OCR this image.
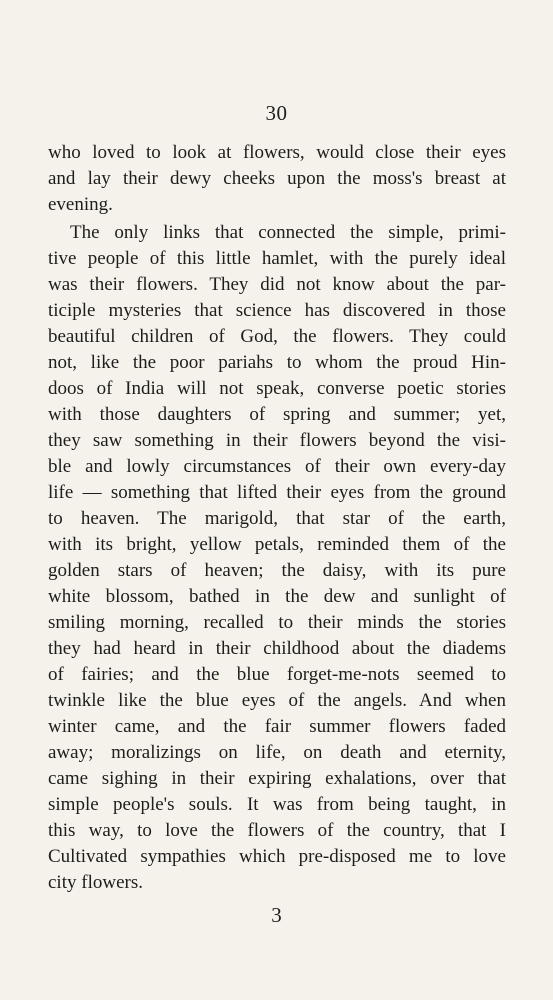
30

who loved to look at flowers, would close their eyes

and lay their dewy cheeks upon the moss's breast at

evening.

The only links that connected the simple, primi-

tive people of this little hamlet, with the purely ideal

was their flowers. They did not know about the par-

ticiple mysteries that science has discovered in those

beautiful children of God, the flowers. They could

not, like the poor pariahs to whom the proud Hin-

doos of India will not speak, converse poetic stories

with those daughters of spring and summer; yet,

they saw something in their flowers beyond the visi-

ble and lowly circumstances of their own every-day

life — something that lifted their eyes from the ground

to heaven. The marigold, that star of the earth,

with its bright, yellow petals, reminded them of the

golden stars of heaven; the daisy, with its pure

white blossom, bathed in the dew and sunlight of

smiling morning, recalled to their minds the stories

they had heard in their childhood about the diadems

of fairies; and the blue forget-me-nots seemed to

twinkle like the blue eyes of the angels. And when

winter came, and the fair summer flowers faded

away; moralizings on life, on death and eternity,

came sighing in their expiring exhalations, over that

simple people's souls. It was from being taught, in

this way, to love the flowers of the country, that I

Cultivated sympathies which pre-disposed me to love

city flowers.

3
